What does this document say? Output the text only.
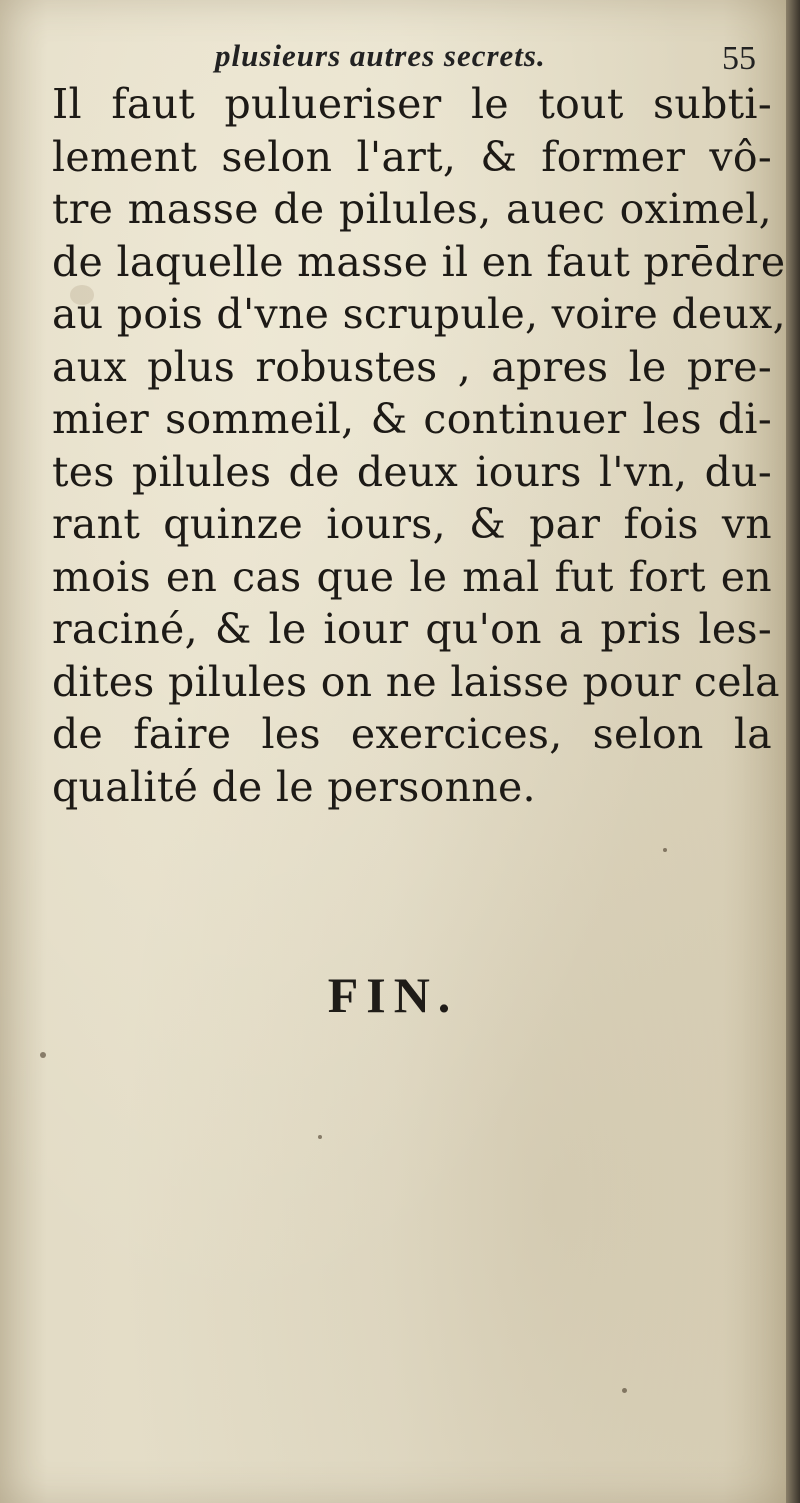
plusieurs autres secrets.	55
Il faut pulueriser le tout subti-
lement selon l'art, & former vô-
tre masse de pilules, auec oximel,
de laquelle masse il en faut prēdre
au pois d'vne scrupule, voire deux,
aux plus robustes , apres le pre-
mier sommeil, & continuer les di-
tes pilules de deux iours l'vn, du-
rant quinze iours, & par fois vn
mois en cas que le mal fut fort en
raciné, & le iour qu'on a pris les-
dites pilules on ne laisse pour cela
de faire les exercices, selon la
qualité de le personne.
FIN.
